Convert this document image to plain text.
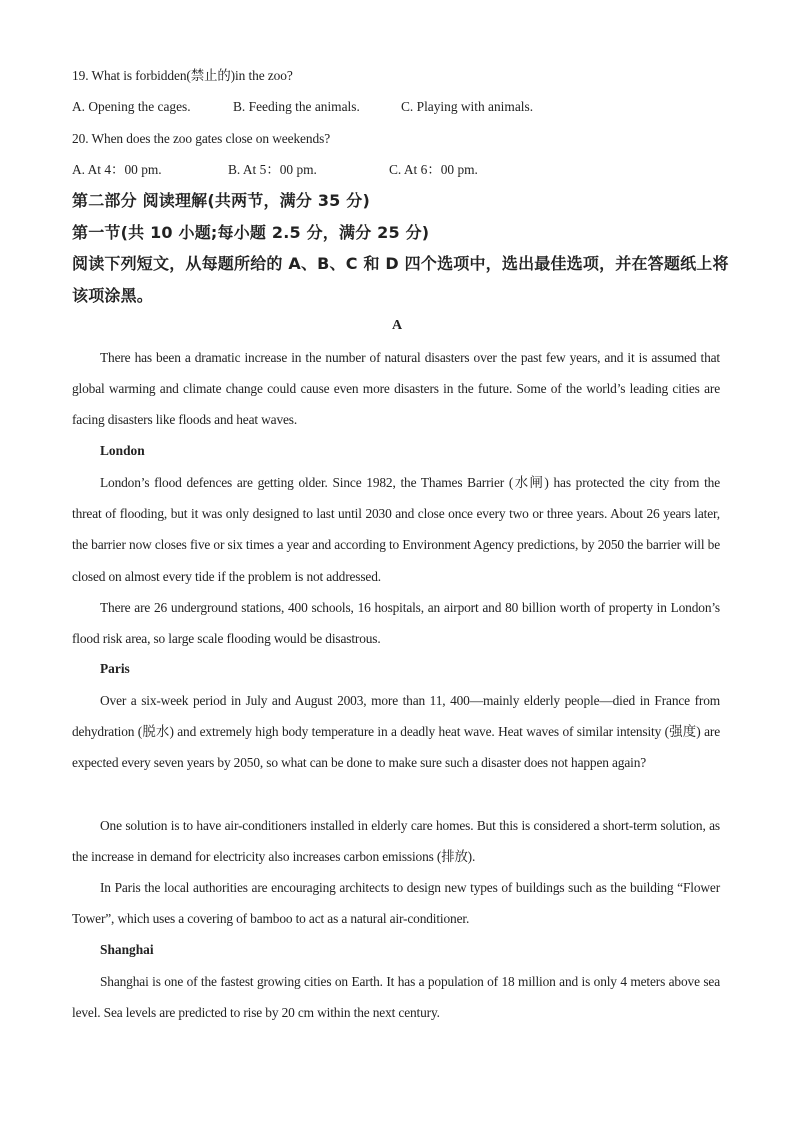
19. What is forbidden(禁止的)in the zoo?
A. Opening the cages.	B. Feeding the animals.	C. Playing with animals.
20. When does the zoo gates close on weekends?
A. At 4：00 pm.	B. At 5：00 pm.	C. At 6：00 pm.
第二部分 阅读理解(共两节，满分 35 分)
第一节(共 10 小题;每小题 2.5 分，满分 25 分)
阅读下列短文，从每题所给的 A、B、C 和 D 四个选项中，选出最佳选项，并在答题纸上将
该项涂黑。
A
There has been a dramatic increase in the number of natural disasters over the past few years, and it is assumed that global warming and climate change could cause even more disasters in the future. Some of the world’s leading cities are facing disasters like floods and heat waves.
London
London’s flood defences are getting older. Since 1982, the Thames Barrier (水闸) has protected the city from the threat of flooding, but it was only designed to last until 2030 and close once every two or three years. About 26 years later, the barrier now closes five or six times a year and according to Environment Agency predictions, by 2050 the barrier will be closed on almost every tide if the problem is not addressed.
There are 26 underground stations, 400 schools, 16 hospitals, an airport and 80 billion worth of property in London’s flood risk area, so large scale flooding would be disastrous.
Paris
Over a six-week period in July and August 2003, more than 11, 400—mainly elderly people—died in France from dehydration (脱水) and extremely high body temperature in a deadly heat wave. Heat waves of similar intensity (强度) are expected every seven years by 2050, so what can be done to make sure such a disaster does not happen again?
One solution is to have air-conditioners installed in elderly care homes. But this is considered a short-term solution, as the increase in demand for electricity also increases carbon emissions (排放).
In Paris the local authorities are encouraging architects to design new types of buildings such as the building “Flower Tower”, which uses a covering of bamboo to act as a natural air-conditioner.
Shanghai
Shanghai is one of the fastest growing cities on Earth. It has a population of 18 million and is only 4 meters above sea level. Sea levels are predicted to rise by 20 cm within the next century.
